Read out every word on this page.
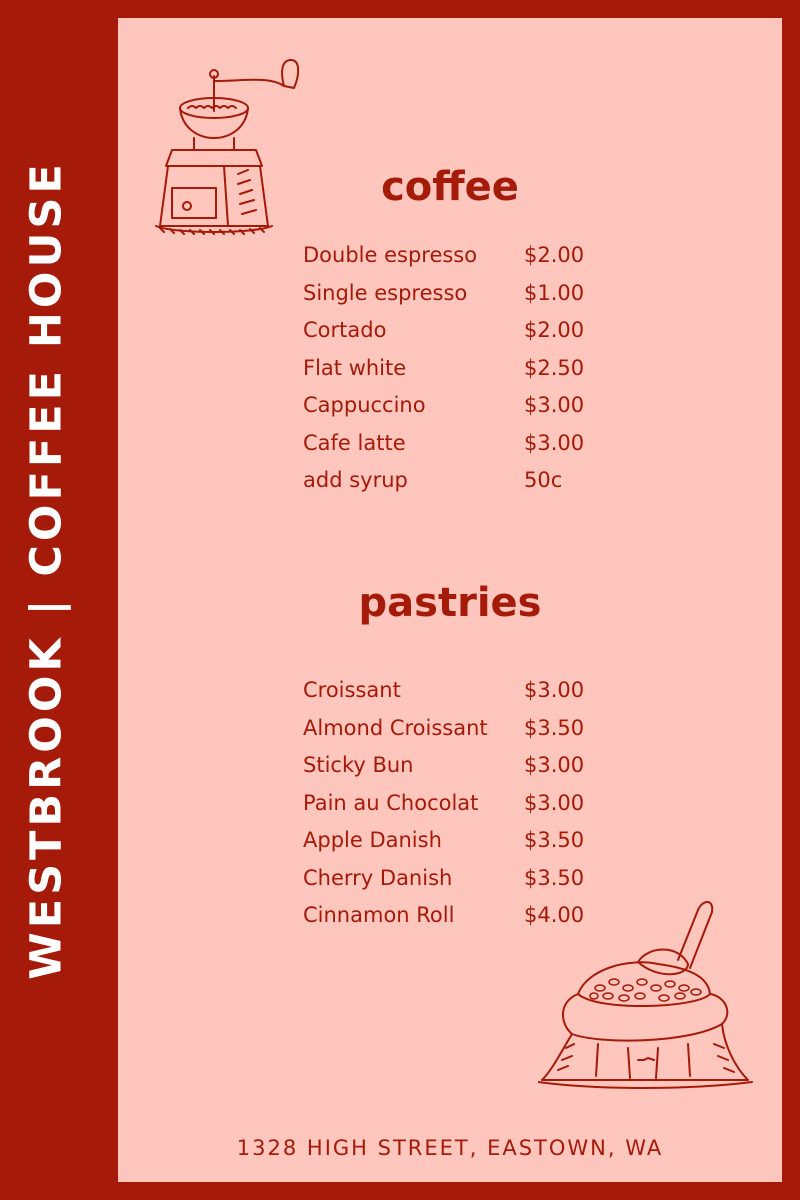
WESTBROOK | COFFEE HOUSE	coffee
Double espresso $2.00
Single espresso	$1.00
Cortado	$2.00
Flat white	$2.50
Cappuccino	$3.00
Cafe latte	$3.00
add syrup	50c
pastries
Croissant	$3.00
Almond Croissant $3.50
Sticky Bun	$3.00
Pain au Chocolat $3.00
Apple Danish	$3.50
Cherry Danish	$3.50
Cinnamon Roll	$4.00
1328 HIGH STREET, EASTOWN, WA
